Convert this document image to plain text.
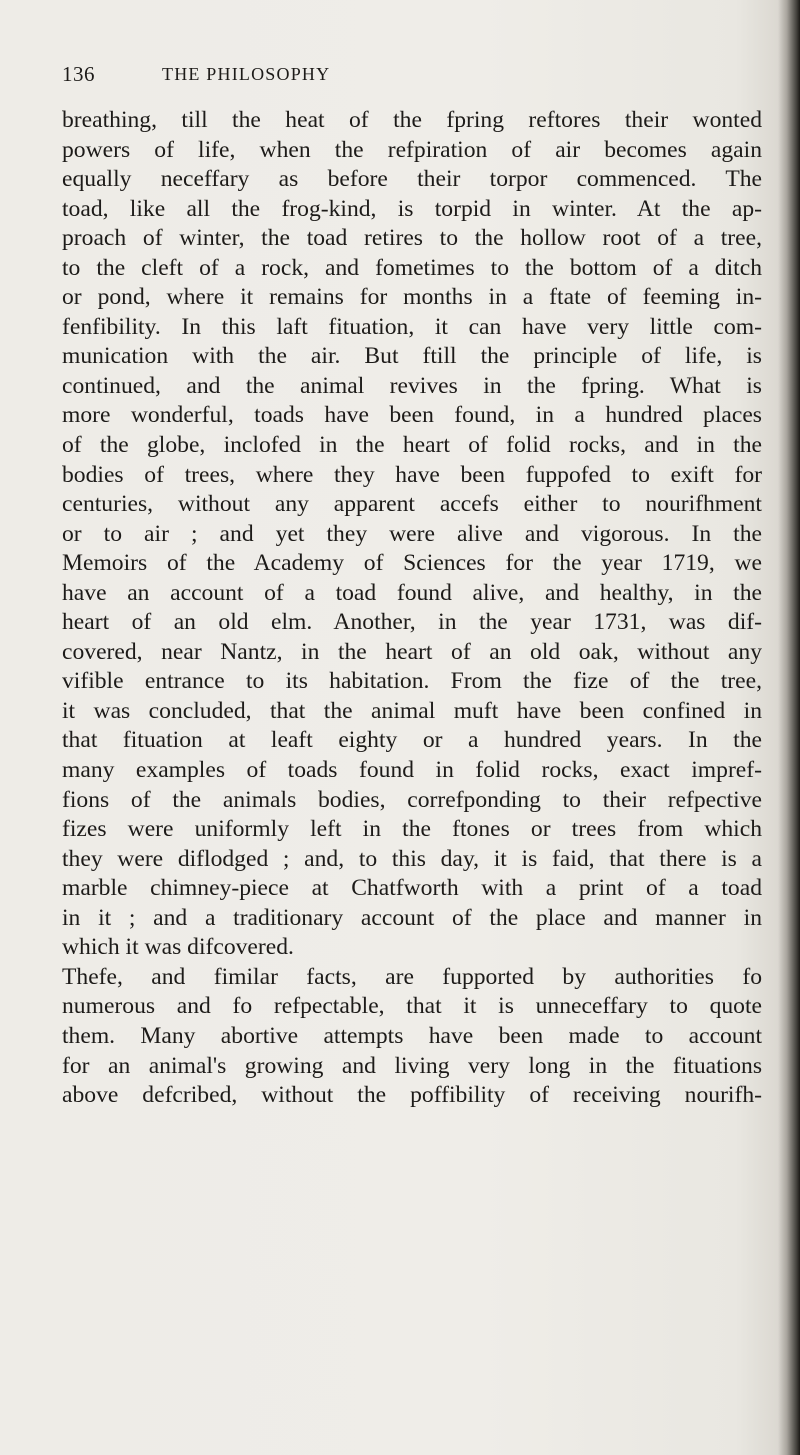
136	THE PHILOSOPHY
breathing, till the heat of the fpring reftores their wonted
powers of life, when the refpiration of air becomes again
equally neceffary as before their torpor commenced. The
toad, like all the frog-kind, is torpid in winter. At the ap-
proach of winter, the toad retires to the hollow root of a tree,
to the cleft of a rock, and fometimes to the bottom of a ditch
or pond, where it remains for months in a ftate of feeming in-
fenfibility. In this laft fituation, it can have very little com-
munication with the air. But ftill the principle of life, is
continued, and the animal revives in the fpring. What is
more wonderful, toads have been found, in a hundred places
of the globe, inclofed in the heart of folid rocks, and in the
bodies of trees, where they have been fuppofed to exift for
centuries, without any apparent accefs either to nourifhment
or to air ; and yet they were alive and vigorous. In the
Memoirs of the Academy of Sciences for the year 1719, we
have an account of a toad found alive, and healthy, in the
heart of an old elm. Another, in the year 1731, was dif-
covered, near Nantz, in the heart of an old oak, without any
vifible entrance to its habitation. From the fize of the tree,
it was concluded, that the animal muft have been confined in
that fituation at leaft eighty or a hundred years. In the
many examples of toads found in folid rocks, exact impref-
fions of the animals bodies, correfponding to their refpective
fizes were uniformly left in the ftones or trees from which
they were diflodged ; and, to this day, it is faid, that there is a
marble chimney-piece at Chatfworth with a print of a toad
in it ; and a traditionary account of the place and manner in
which it was difcovered.
Thefe, and fimilar facts, are fupported by authorities fo
numerous and fo refpectable, that it is unneceffary to quote
them. Many abortive attempts have been made to account
for an animal's growing and living very long in the fituations
above defcribed, without the poffibility of receiving nourifh-
